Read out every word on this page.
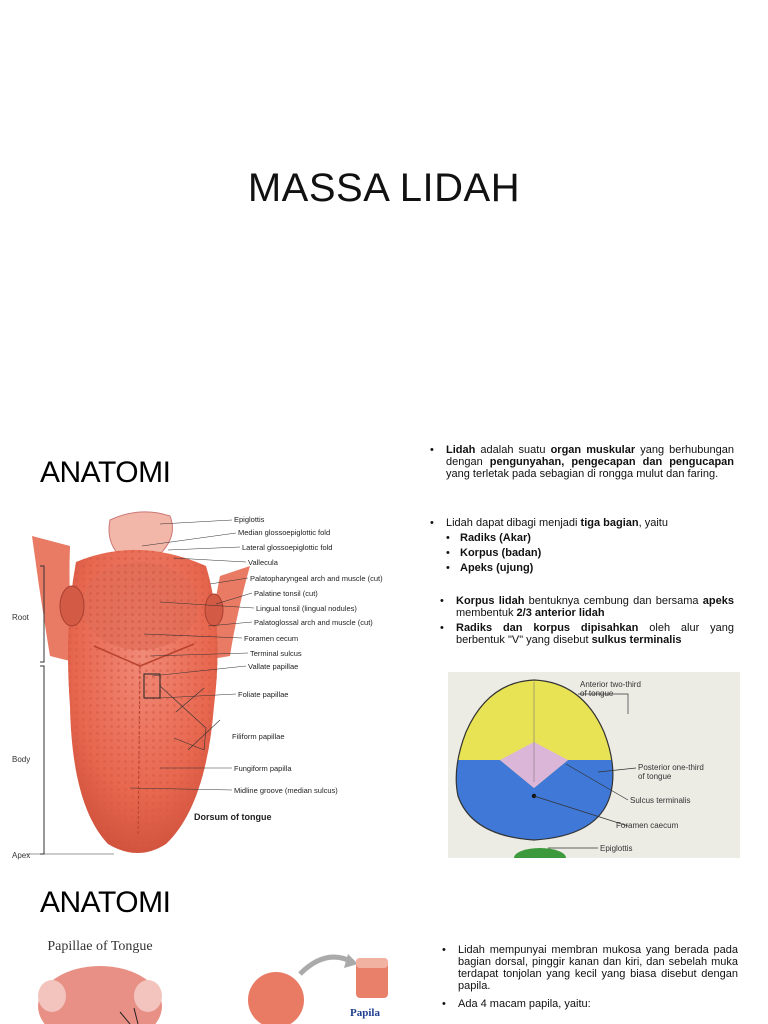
MASSA LIDAH
ANATOMI
Root
Body
Apex
Epiglottis
Median glossoepiglottic fold
Lateral glossoepiglottic fold
Vallecula
Palatopharyngeal arch and muscle (cut)
Palatine tonsil (cut)
Lingual tonsil (lingual nodules)
Palatoglossal arch and muscle (cut)
Foramen cecum
Terminal sulcus
Vallate papillae
Foliate papillae
Filiform papillae
Fungiform papilla
Midline groove (median sulcus)
Dorsum of tongue
• Lidah adalah suatu organ muskular yang berhubungan dengan pengunyahan, pengecapan dan pengucapan yang terletak pada sebagian di rongga mulut dan faring.
• Lidah dapat dibagi menjadi tiga bagian, yaitu
• Radiks (Akar)
• Korpus (badan)
• Apeks (ujung)
• Korpus lidah bentuknya cembung dan bersama apeks membentuk 2/3 anterior lidah
• Radiks dan korpus dipisahkan oleh alur yang berbentuk "V" yang disebut sulkus terminalis
Anterior two-third
of tongue
Posterior one-third
of tongue
Sulcus terminalis
Foramen caecum
Epiglottis
ANATOMI
Papillae of Tongue
Papila
• Lidah mempunyai membran mukosa yang berada pada bagian dorsal, pinggir kanan dan kiri, dan sebelah muka terdapat tonjolan yang kecil yang biasa disebut dengan papila.
• Ada 4 macam papila, yaitu:
